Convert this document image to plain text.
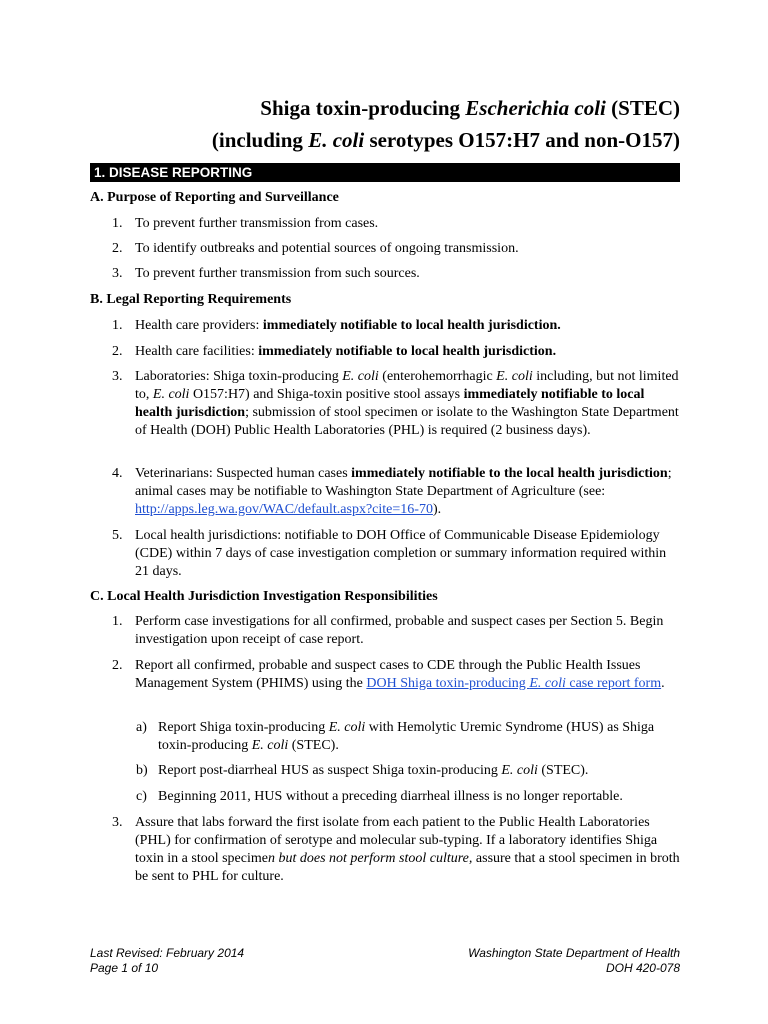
Shiga toxin-producing Escherichia coli (STEC)
(including E. coli serotypes O157:H7 and non-O157)
1. DISEASE REPORTING
A. Purpose of Reporting and Surveillance
1. To prevent further transmission from cases.
2. To identify outbreaks and potential sources of ongoing transmission.
3. To prevent further transmission from such sources.
B. Legal Reporting Requirements
1. Health care providers: immediately notifiable to local health jurisdiction.
2. Health care facilities: immediately notifiable to local health jurisdiction.
3. Laboratories: Shiga toxin-producing E. coli (enterohemorrhagic E. coli including, but not limited to, E. coli O157:H7) and Shiga-toxin positive stool assays immediately notifiable to local health jurisdiction; submission of stool specimen or isolate to the Washington State Department of Health (DOH) Public Health Laboratories (PHL) is required (2 business days).
4. Veterinarians: Suspected human cases immediately notifiable to the local health jurisdiction; animal cases may be notifiable to Washington State Department of Agriculture (see: http://apps.leg.wa.gov/WAC/default.aspx?cite=16-70).
5. Local health jurisdictions: notifiable to DOH Office of Communicable Disease Epidemiology (CDE) within 7 days of case investigation completion or summary information required within 21 days.
C. Local Health Jurisdiction Investigation Responsibilities
1. Perform case investigations for all confirmed, probable and suspect cases per Section 5. Begin investigation upon receipt of case report.
2. Report all confirmed, probable and suspect cases to CDE through the Public Health Issues Management System (PHIMS) using the DOH Shiga toxin-producing E. coli case report form.
a) Report Shiga toxin-producing E. coli with Hemolytic Uremic Syndrome (HUS) as Shiga toxin-producing E. coli (STEC).
b) Report post-diarrheal HUS as suspect Shiga toxin-producing E. coli (STEC).
c) Beginning 2011, HUS without a preceding diarrheal illness is no longer reportable.
3. Assure that labs forward the first isolate from each patient to the Public Health Laboratories (PHL) for confirmation of serotype and molecular sub-typing. If a laboratory identifies Shiga toxin in a stool specimen but does not perform stool culture, assure that a stool specimen in broth be sent to PHL for culture.
Last Revised: February 2014
Page 1 of 10
Washington State Department of Health
DOH 420-078
